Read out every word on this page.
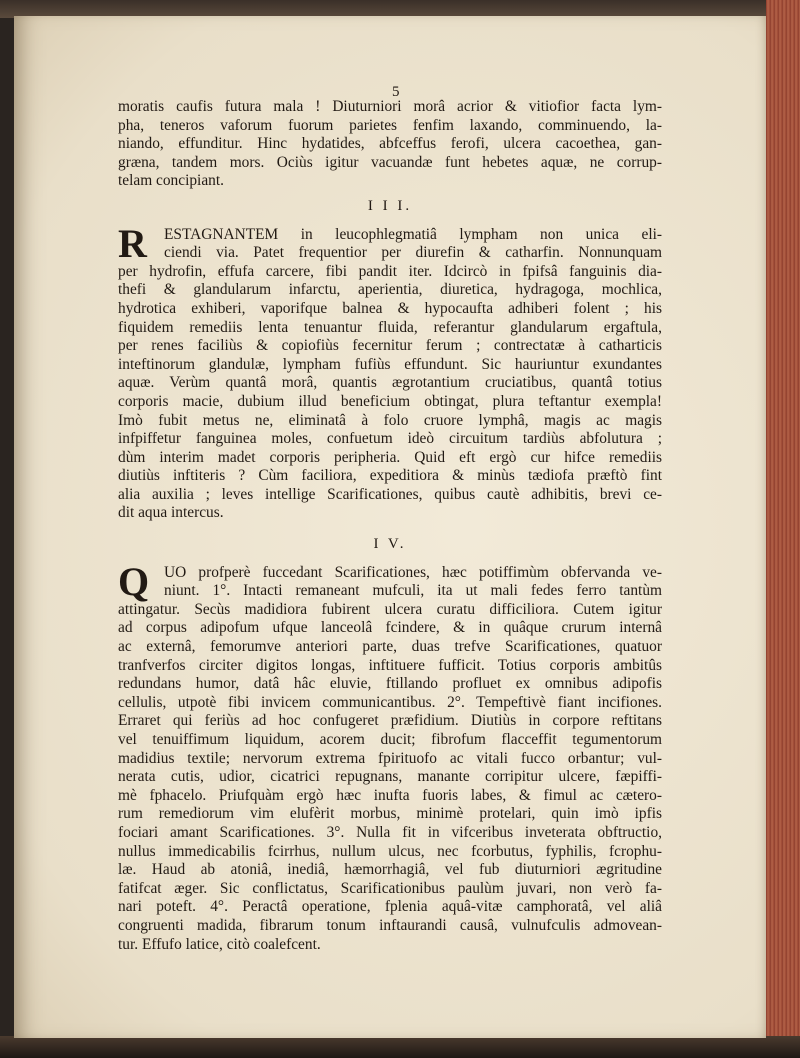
5
moratis caufis futura mala ! Diuturniori morâ acrior & vitiofior facta lym-
pha, teneros vaforum fuorum parietes fenfim laxando, comminuendo, la-
niando, effunditur. Hinc hydatides, abfceffus ferofi, ulcera cacoethea, gan-
græna, tandem mors. Ociùs igitur vacuandæ funt hebetes aquæ, ne corrup-
telam concipiant.
I I I.
R	ESTAGNANTEM in leucophlegmatiâ lympham non unica eli-
ciendi via. Patet frequentior per diurefin & catharfin. Nonnunquam
per hydrofin, effufa carcere, fibi pandit iter. Idcircò in fpifsâ fanguinis dia-
thefi & glandularum infarctu, aperientia, diuretica, hydragoga, mochlica,
hydrotica exhiberi, vaporifque balnea & hypocaufta adhiberi folent ; his
fiquidem remediis lenta tenuantur fluida, referantur glandularum ergaftula,
per renes faciliùs & copiofiùs fecernitur ferum ; contrectatæ à catharticis
inteftinorum glandulæ, lympham fufiùs effundunt. Sic hauriuntur exundantes
aquæ. Verùm quantâ morâ, quantis ægrotantium cruciatibus, quantâ totius
corporis macie, dubium illud beneficium obtingat, plura teftantur exempla!
Imò fubit metus ne, eliminatâ à folo cruore lymphâ, magis ac magis
infpiffetur fanguinea moles, confuetum ideò circuitum tardiùs abfolutura ;
dùm interim madet corporis peripheria. Quid eft ergò cur hifce remediis
diutiùs inftiteris ? Cùm faciliora, expeditiora & minùs tædiofa præftò fint
alia auxilia ; leves intellige Scarificationes, quibus cautè adhibitis, brevi ce-
dit aqua intercus.
I V.
Q UO profperè fuccedant Scarificationes, hæc potiffimùm obfervanda ve-
niunt. 1°. Intacti remaneant mufculi, ita ut mali fedes ferro tantùm
attingatur. Secùs madidiora fubirent ulcera curatu difficiliora. Cutem igitur
ad corpus adipofum ufque lanceolâ fcindere, & in quâque crurum internâ
ac externâ, femorumve anteriori parte, duas trefve Scarificationes, quatuor
tranfverfos circiter digitos longas, inftituere fufficit. Totius corporis ambitûs
redundans humor, datâ hâc eluvie, ftillando profluet ex omnibus adipofis
cellulis, utpotè fibi invicem communicantibus. 2°. Tempeftivè fiant incifiones.
Erraret qui feriùs ad hoc confugeret præfidium. Diutiùs in corpore reftitans
vel tenuiffimum liquidum, acorem ducit; fibrofum flacceffit tegumentorum
madidius textile; nervorum extrema fpirituofo ac vitali fucco orbantur; vul-
nerata cutis, udior, cicatrici repugnans, manante corripitur ulcere, fæpiffi-
mè fphacelo. Priufquàm ergò hæc inufta fuoris labes, & fimul ac cætero-
rum remediorum vim elufèrit morbus, minimè protelari, quin imò ipfis
fociari amant Scarificationes. 3°. Nulla fit in vifceribus inveterata obftructio,
nullus immedicabilis fcirrhus, nullum ulcus, nec fcorbutus, fyphilis, fcrophu-
læ. Haud ab atoniâ, inediâ, hæmorrhagiâ, vel fub diuturniori ægritudine
fatifcat æger. Sic conflictatus, Scarificationibus paulùm juvari, non verò fa-
nari poteft. 4°. Peractâ operatione, fplenia aquâ-vitæ camphoratâ, vel aliâ
congruenti madida, fibrarum tonum inftaurandi causâ, vulnufculis admovean-
tur. Effufo latice, citò coalefcent.
